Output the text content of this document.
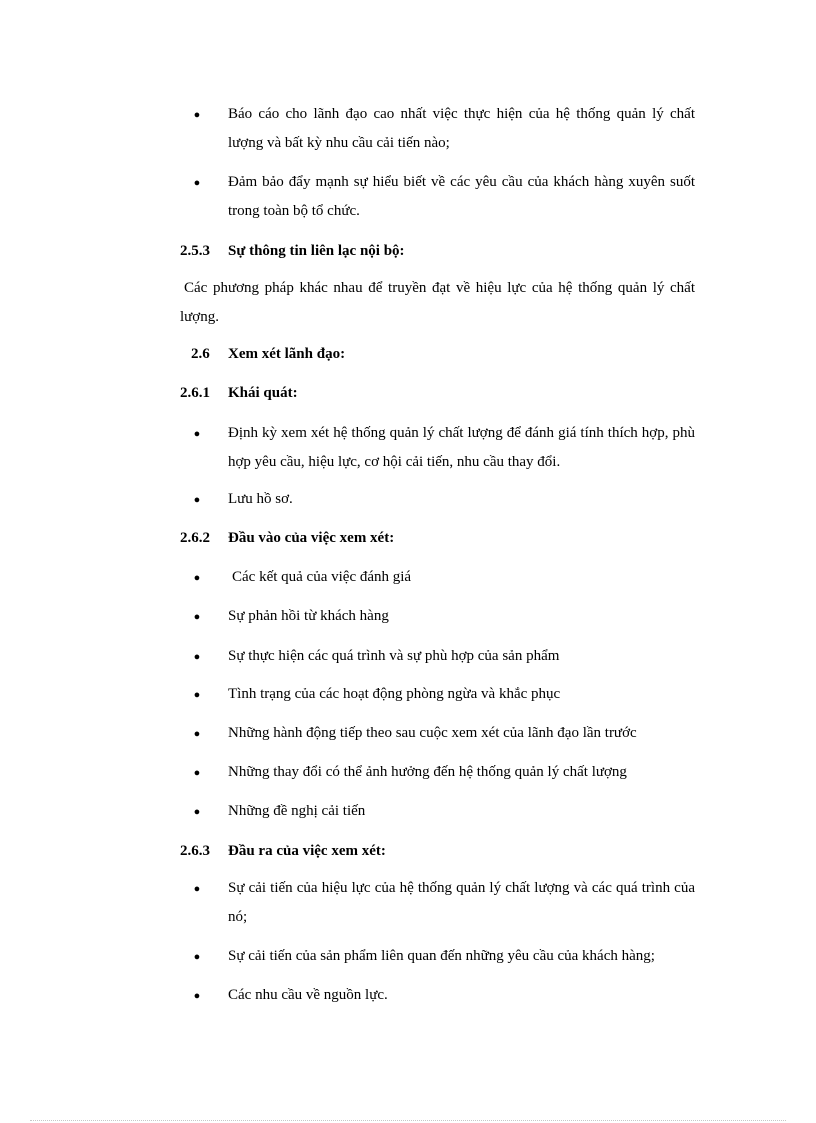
● Báo cáo cho lãnh đạo cao nhất việc thực hiện của hệ thống quản lý chất lượng và bất kỳ nhu cầu cải tiến nào;
● Đảm bảo đẩy mạnh sự hiểu biết về các yêu cầu của khách hàng xuyên suốt trong toàn bộ tổ chức.
2.5.3 Sự thông tin liên lạc nội bộ:
Các phương pháp khác nhau để truyền đạt về hiệu lực của hệ thống quản lý chất lượng.
2.6 Xem xét lãnh đạo:
2.6.1 Khái quát:
● Định kỳ xem xét hệ thống quản lý chất lượng để đánh giá tính thích hợp, phù hợp yêu cầu, hiệu lực, cơ hội cải tiến, nhu cầu thay đổi.
● Lưu hồ sơ.
2.6.2 Đầu vào của việc xem xét:
● Các kết quả của việc đánh giá
● Sự phản hồi từ khách hàng
● Sự thực hiện các quá trình và sự phù hợp của sản phẩm
● Tình trạng của các hoạt động phòng ngừa và khắc phục
● Những hành động tiếp theo sau cuộc xem xét của lãnh đạo lần trước
● Những thay đổi có thể ảnh hưởng đến hệ thống quản lý chất lượng
● Những đề nghị cải tiến
2.6.3 Đầu ra của việc xem xét:
● Sự cải tiến của hiệu lực của hệ thống quản lý chất lượng và các quá trình của nó;
● Sự cải tiến của sản phẩm liên quan đến những yêu cầu của khách hàng;
● Các nhu cầu về nguồn lực.
